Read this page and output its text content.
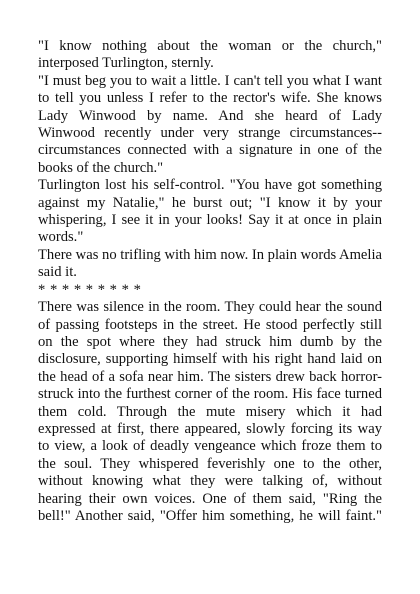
"I know nothing about the woman or the church," interposed Turlington, sternly.

"I must beg you to wait a little. I can't tell you what I want to tell you unless I refer to the rector's wife. She knows Lady Winwood by name. And she heard of Lady Winwood recently under very strange circumstances--circumstances connected with a signature in one of the books of the church."

Turlington lost his self-control. "You have got something against my Natalie," he burst out; "I know it by your whispering, I see it in your looks! Say it at once in plain words."

There was no trifling with him now. In plain words Amelia said it.

* * * * * * * * *

There was silence in the room. They could hear the sound of passing footsteps in the street. He stood perfectly still on the spot where they had struck him dumb by the disclosure, supporting himself with his right hand laid on the head of a sofa near him. The sisters drew back horror-struck into the furthest corner of the room. His face turned them cold. Through the mute misery which it had expressed at first, there appeared, slowly forcing its way to view, a look of deadly vengeance which froze them to the soul. They whispered feverishly one to the other, without knowing what they were talking of, without hearing their own voices. One of them said, "Ring the bell!" Another said, "Offer him something, he will faint."
